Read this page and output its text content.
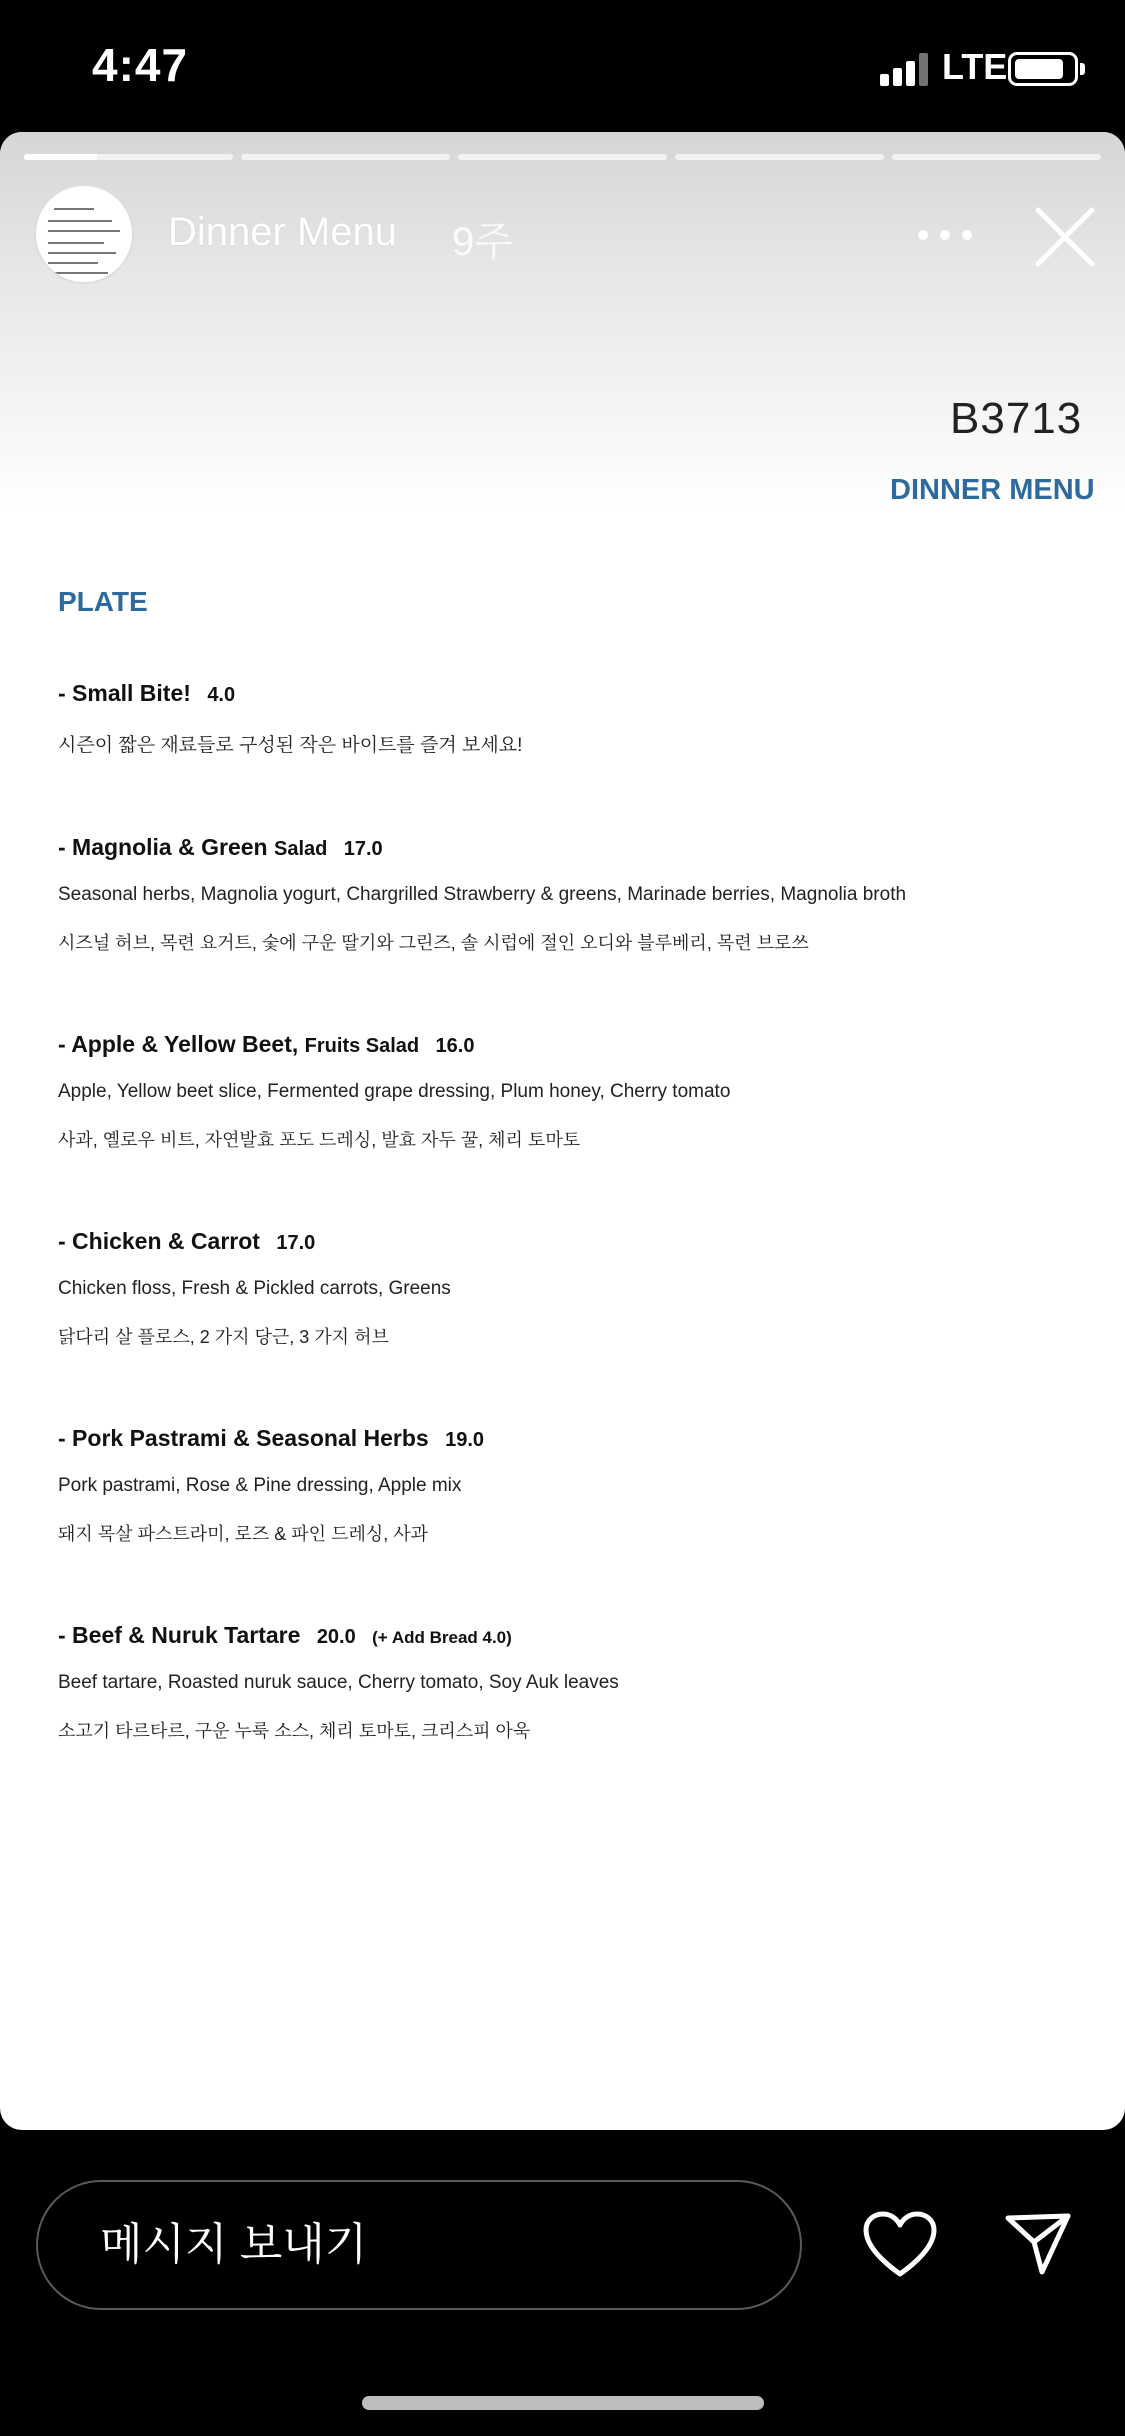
4:47	LTE
Dinner Menu 9주
B3713
DINNER MENU
PLATE
- Small Bite! 4.0
시즌이 짧은 재료들로 구성된 작은 바이트를 즐겨 보세요!
- Magnolia & Green Salad 17.0
Seasonal herbs, Magnolia yogurt, Chargrilled Strawberry & greens, Marinade berries, Magnolia broth
시즈널 허브, 목련 요거트, 숯에 구운 딸기와 그린즈, 솔 시럽에 절인 오디와 블루베리, 목련 브로쓰
- Apple & Yellow Beet, Fruits Salad 16.0
Apple, Yellow beet slice, Fermented grape dressing, Plum honey, Cherry tomato
사과, 옐로우 비트, 자연발효 포도 드레싱, 발효 자두 꿀, 체리 토마토
- Chicken & Carrot 17.0
Chicken floss, Fresh & Pickled carrots, Greens
닭다리 살 플로스, 2 가지 당근, 3 가지 허브
- Pork Pastrami & Seasonal Herbs 19.0
Pork pastrami, Rose & Pine dressing, Apple mix
돼지 목살 파스트라미, 로즈 & 파인 드레싱, 사과
- Beef & Nuruk Tartare 20.0 (+ Add Bread 4.0)
Beef tartare, Roasted nuruk sauce, Cherry tomato, Soy Auk leaves
소고기 타르타르, 구운 누룩 소스, 체리 토마토, 크리스피 아욱
메시지 보내기
